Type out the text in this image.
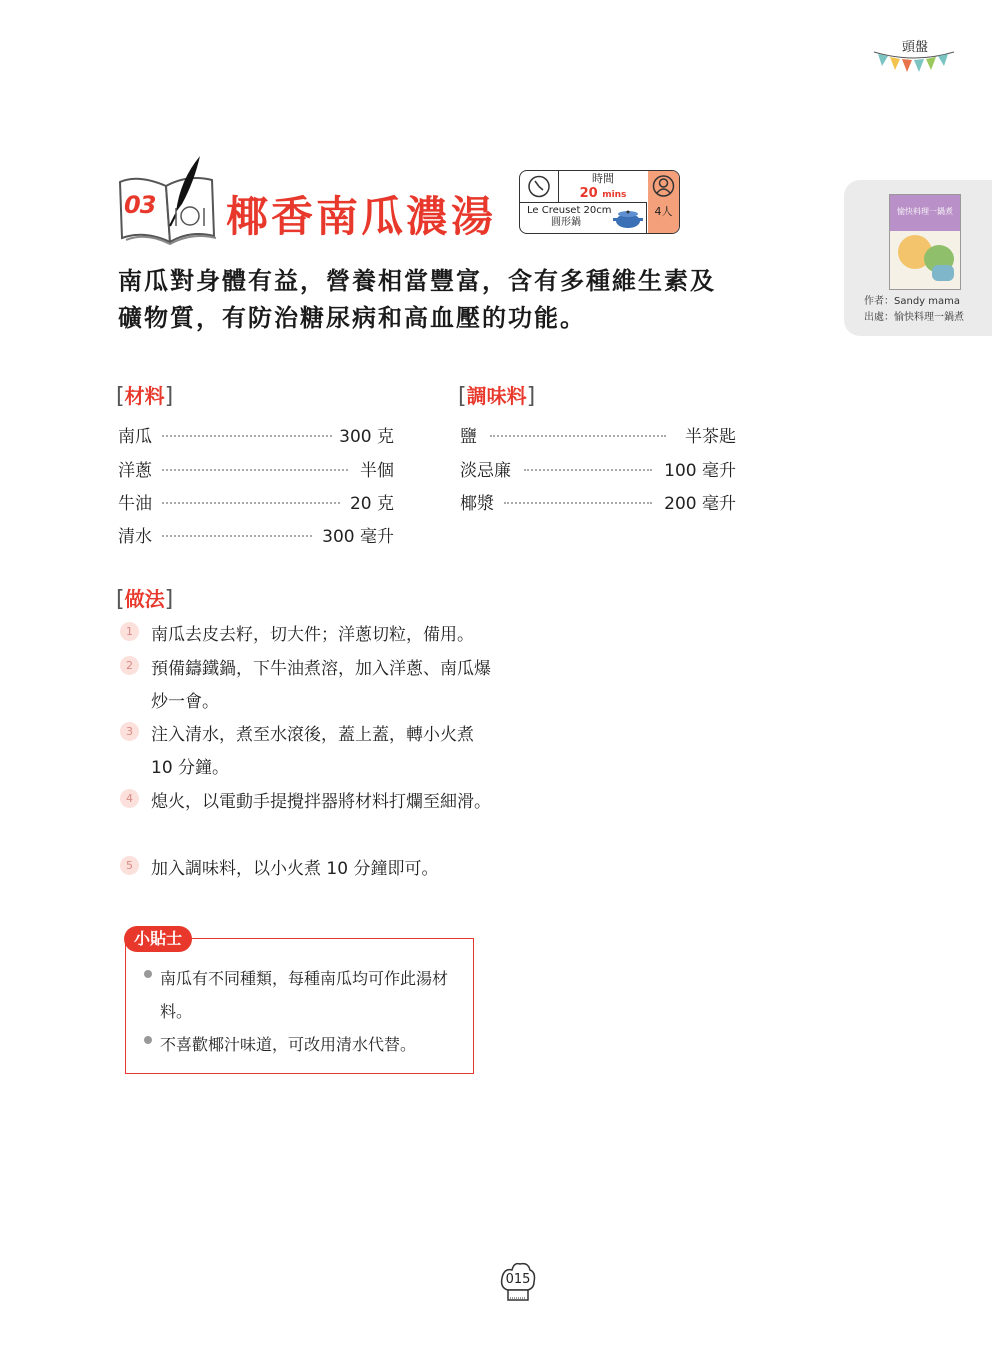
頭盤
03 椰香南瓜濃湯
時間
20 mins
Le Creuset 20cm
圓形鍋
4人
南瓜對身體有益，營養相當豐富，含有多種維生素及
礦物質，有防治糖尿病和高血壓的功能。
愉快料理一鍋煮
作者：Sandy mama
出處：愉快料理一鍋煮
[材料]
南瓜	300 克
洋蔥	半個
牛油	20 克
清水	300 毫升
[調味料]
鹽	半茶匙
淡忌廉	100 毫升
椰漿	200 毫升
[做法]
1	南瓜去皮去籽，切大件；洋蔥切粒，備用。
2	預備鑄鐵鍋，下牛油煮溶，加入洋蔥、南瓜爆炒一會。
3	注入清水，煮至水滾後，蓋上蓋，轉小火煮 10 分鐘。
4	熄火，以電動手提攪拌器將材料打爛至細滑。
5	加入調味料，以小火煮 10 分鐘即可。
小貼士
南瓜有不同種類，每種南瓜均可作此湯材料。
不喜歡椰汁味道，可改用清水代替。
015
